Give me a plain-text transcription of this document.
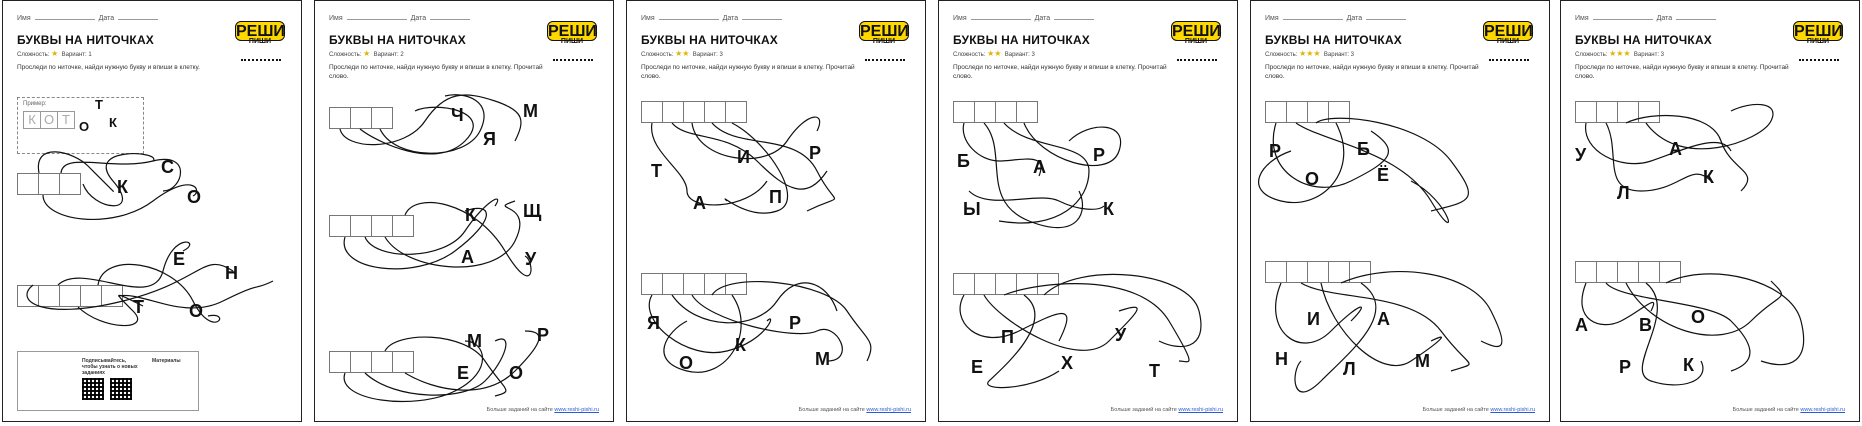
Имя	Дата
РЕШИ
ПИШИ
БУКВЫ НА НИТОЧКАХ
Сложность: ★ Вариант: 1
Проследи по ниточке, найди нужную букву и впиши в клетку.
Пример:
К О Т
Т
О К
К
С
О
Е
Н
Т	О
Подписывайтесь, чтобы узнать о новых заданиях
Материалы
Имя	Дата
РЕШИ
ПИШИ
БУКВЫ НА НИТОЧКАХ
Сложность: ★ Вариант: 2
Проследи по ниточке, найди нужную букву и впиши в клетку. Прочитай слово.
Ч	М
Я
К	Щ
А	У
М	Р
Е О
Больше заданий на сайте www.reshi-pishi.ru
Имя	Дата
РЕШИ
ПИШИ
БУКВЫ НА НИТОЧКАХ
Сложность: ★★ Вариант: 3
Проследи по ниточке, найди нужную букву и впиши в клетку. Прочитай слово.
Т
И	Р
А	П
Я	Р
О
К
М
Больше заданий на сайте www.reshi-pishi.ru
Имя	Дата
РЕШИ
ПИШИ
БУКВЫ НА НИТОЧКАХ
Сложность: ★★ Вариант: 3
Проследи по ниточке, найди нужную букву и впиши в клетку. Прочитай слово.
Б	А
Р
Ы	К
П	У
Е	Х	Т
Больше заданий на сайте www.reshi-pishi.ru
Имя	Дата
РЕШИ
ПИШИ
БУКВЫ НА НИТОЧКАХ
Сложность: ★★★ Вариант: 3
Проследи по ниточке, найди нужную букву и впиши в клетку. Прочитай слово.
Р	Б
О	Ё
И	А
Н	Л	М
Больше заданий на сайте www.reshi-pishi.ru
Имя	Дата
РЕШИ
ПИШИ
БУКВЫ НА НИТОЧКАХ
Сложность: ★★★ Вариант: 3
Проследи по ниточке, найди нужную букву и впиши в клетку. Прочитай слово.
У	А
К
Л
А	В О
Р	К
Больше заданий на сайте www.reshi-pishi.ru
